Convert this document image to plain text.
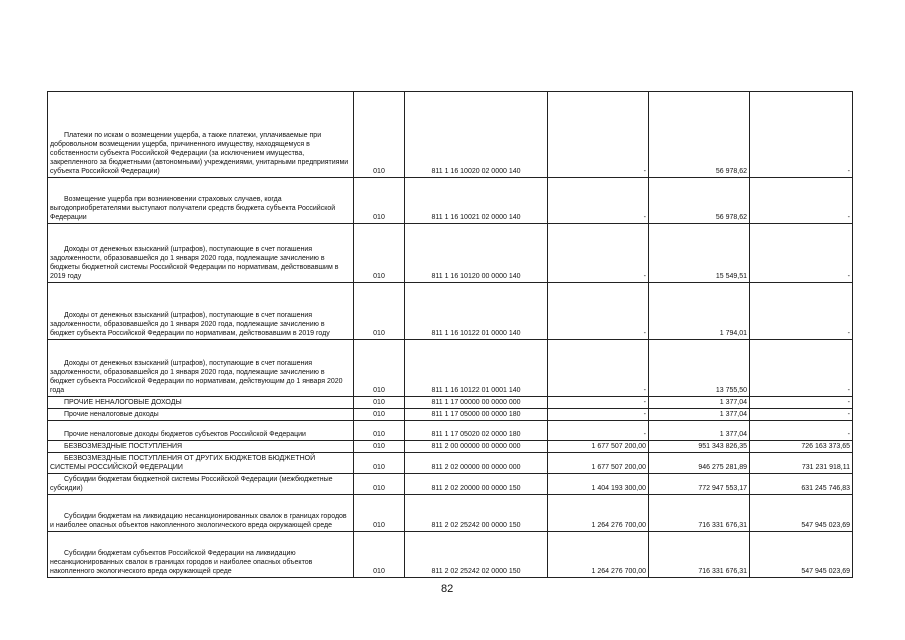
Платежи по искам о возмещении ущерба, а также платежи, уплачиваемые при добровольном возмещении ущерба, причиненного имуществу, находящемуся в собственности субъекта Российской Федерации (за исключением имущества, закрепленного за бюджетными (автономными) учреждениями, унитарными предприятиями субъекта Российской Федерации)	010	811 1 16 10020 02 0000 140	-	56 978,62	-
Возмещение ущерба при возникновении страховых случаев, когда выгодоприобретателями выступают получатели средств бюджета субъекта Российской Федерации	010	811 1 16 10021 02 0000 140	-	56 978,62	-
Доходы от денежных взысканий (штрафов), поступающие в счет погашения задолженности, образовавшейся до 1 января 2020 года, подлежащие зачислению в бюджеты бюджетной системы Российской Федерации по нормативам, действовавшим в 2019 году	010	811 1 16 10120 00 0000 140	-	15 549,51	-
Доходы от денежных взысканий (штрафов), поступающие в счет погашения задолженности, образовавшейся до 1 января 2020 года, подлежащие зачислению в бюджет субъекта Российской Федерации по нормативам, действовавшим в 2019 году	010	811 1 16 10122 01 0000 140	-	1 794,01	-
Доходы от денежных взысканий (штрафов), поступающие в счет погашения задолженности, образовавшейся до 1 января 2020 года, подлежащие зачислению в бюджет субъекта Российской Федерации по нормативам, действующим до 1 января 2020 года	010	811 1 16 10122 01 0001 140	-	13 755,50	-
ПРОЧИЕ НЕНАЛОГОВЫЕ ДОХОДЫ	010	811 1 17 00000 00 0000 000	-	1 377,04	-
Прочие неналоговые доходы	010	811 1 17 05000 00 0000 180	-	1 377,04	-
Прочие неналоговые доходы бюджетов субъектов Российской Федерации	010	811 1 17 05020 02 0000 180	-	1 377,04	-
БЕЗВОЗМЕЗДНЫЕ ПОСТУПЛЕНИЯ	010	811 2 00 00000 00 0000 000	1 677 507 200,00	951 343 826,35	726 163 373,65
БЕЗВОЗМЕЗДНЫЕ ПОСТУПЛЕНИЯ ОТ ДРУГИХ БЮДЖЕТОВ БЮДЖЕТНОЙ СИСТЕМЫ РОССИЙСКОЙ ФЕДЕРАЦИИ	010	811 2 02 00000 00 0000 000	1 677 507 200,00	946 275 281,89	731 231 918,11
Субсидии бюджетам бюджетной системы Российской Федерации (межбюджетные субсидии)	010	811 2 02 20000 00 0000 150	1 404 193 300,00	772 947 553,17	631 245 746,83
Субсидии бюджетам на ликвидацию несанкционированных свалок в границах городов и наиболее опасных объектов накопленного экологического вреда окружающей среде	010	811 2 02 25242 00 0000 150	1 264 276 700,00	716 331 676,31	547 945 023,69
Субсидии бюджетам субъектов Российской Федерации на ликвидацию несанкционированных свалок в границах городов и наиболее опасных объектов накопленного экологического вреда окружающей среде	010	811 2 02 25242 02 0000 150	1 264 276 700,00	716 331 676,31	547 945 023,69
82
